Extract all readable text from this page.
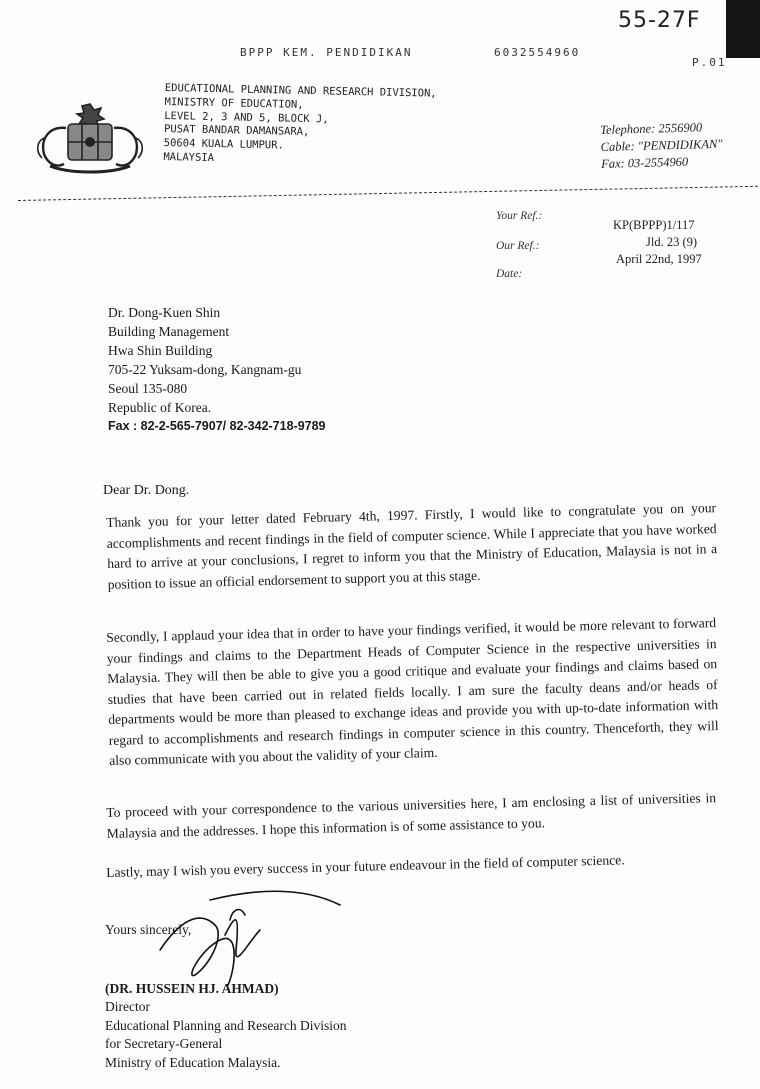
55-27F
BPPP KEM. PENDIDIKAN	6032554960
P.01
EDUCATIONAL PLANNING AND RESEARCH DIVISION,
MINISTRY OF EDUCATION,
LEVEL 2, 3 AND 5, BLOCK J,
PUSAT BANDAR DAMANSARA,
50604 KUALA LUMPUR.
MALAYSIA
Telephone: 2556900
Cable: "PENDIDIKAN"
Fax: 03-2554960
Your Ref.:
Our Ref.:
Date:
KP(BPPP)1/117
Jld. 23 (9)
April 22nd, 1997
Dr. Dong-Kuen Shin
Building Management
Hwa Shin Building
705-22 Yuksam-dong, Kangnam-gu
Seoul 135-080
Republic of Korea.
Fax : 82-2-565-7907/ 82-342-718-9789
Dear Dr. Dong.
Thank you for your letter dated February 4th, 1997. Firstly, I would like to congratulate you on your accomplishments and recent findings in the field of computer science. While I appreciate that you have worked hard to arrive at your conclusions, I regret to inform you that the Ministry of Education, Malaysia is not in a position to issue an official endorsement to support you at this stage.
Secondly, I applaud your idea that in order to have your findings verified, it would be more relevant to forward your findings and claims to the Department Heads of Computer Science in the respective universities in Malaysia. They will then be able to give you a good critique and evaluate your findings and claims based on studies that have been carried out in related fields locally. I am sure the faculty deans and/or heads of departments would be more than pleased to exchange ideas and provide you with up-to-date information with regard to accomplishments and research findings in computer science in this country. Thenceforth, they will also communicate with you about the validity of your claim.
To proceed with your correspondence to the various universities here, I am enclosing a list of universities in Malaysia and the addresses. I hope this information is of some assistance to you.
Lastly, may I wish you every success in your future endeavour in the field of computer science.
Yours sincerely,
(DR. HUSSEIN HJ. AHMAD)
Director
Educational Planning and Research Division
for Secretary-General
Ministry of Education Malaysia.
